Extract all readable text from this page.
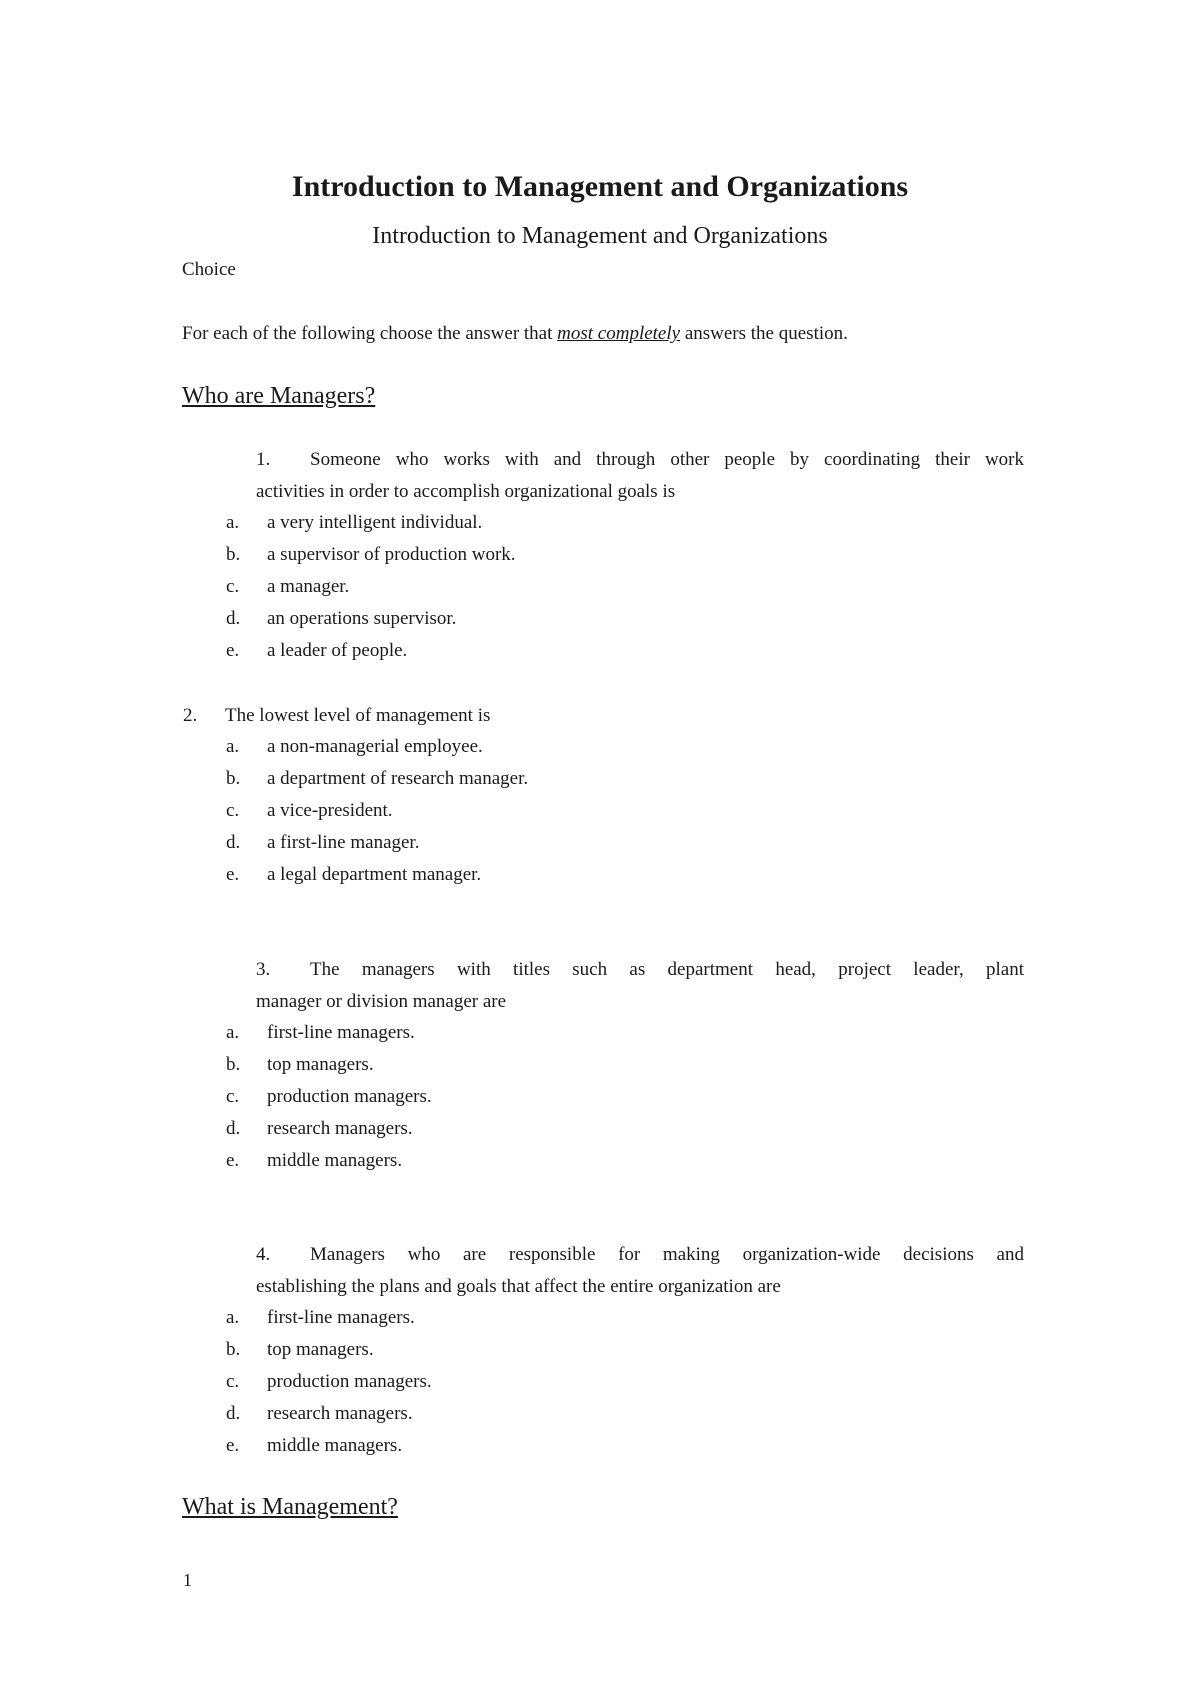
Introduction to Management and Organizations
Introduction to Management and Organizations
Choice
For each of the following choose the answer that most completely answers the question.
Who are Managers?
1. Someone who works with and through other people by coordinating their work
activities in order to accomplish organizational goals is
a. a very intelligent individual.
b. a supervisor of production work.
c. a manager.
d. an operations supervisor.
e. a leader of people.
2. The lowest level of management is
a. a non-managerial employee.
b. a department of research manager.
c. a vice-president.
d. a first-line manager.
e. a legal department manager.
3. The managers with titles such as department head, project leader, plant
manager or division manager are
a. first-line managers.
b. top managers.
c. production managers.
d. research managers.
e. middle managers.
4. Managers who are responsible for making organization-wide decisions and
establishing the plans and goals that affect the entire organization are
a. first-line managers.
b. top managers.
c. production managers.
d. research managers.
e. middle managers.
What is Management?
1
